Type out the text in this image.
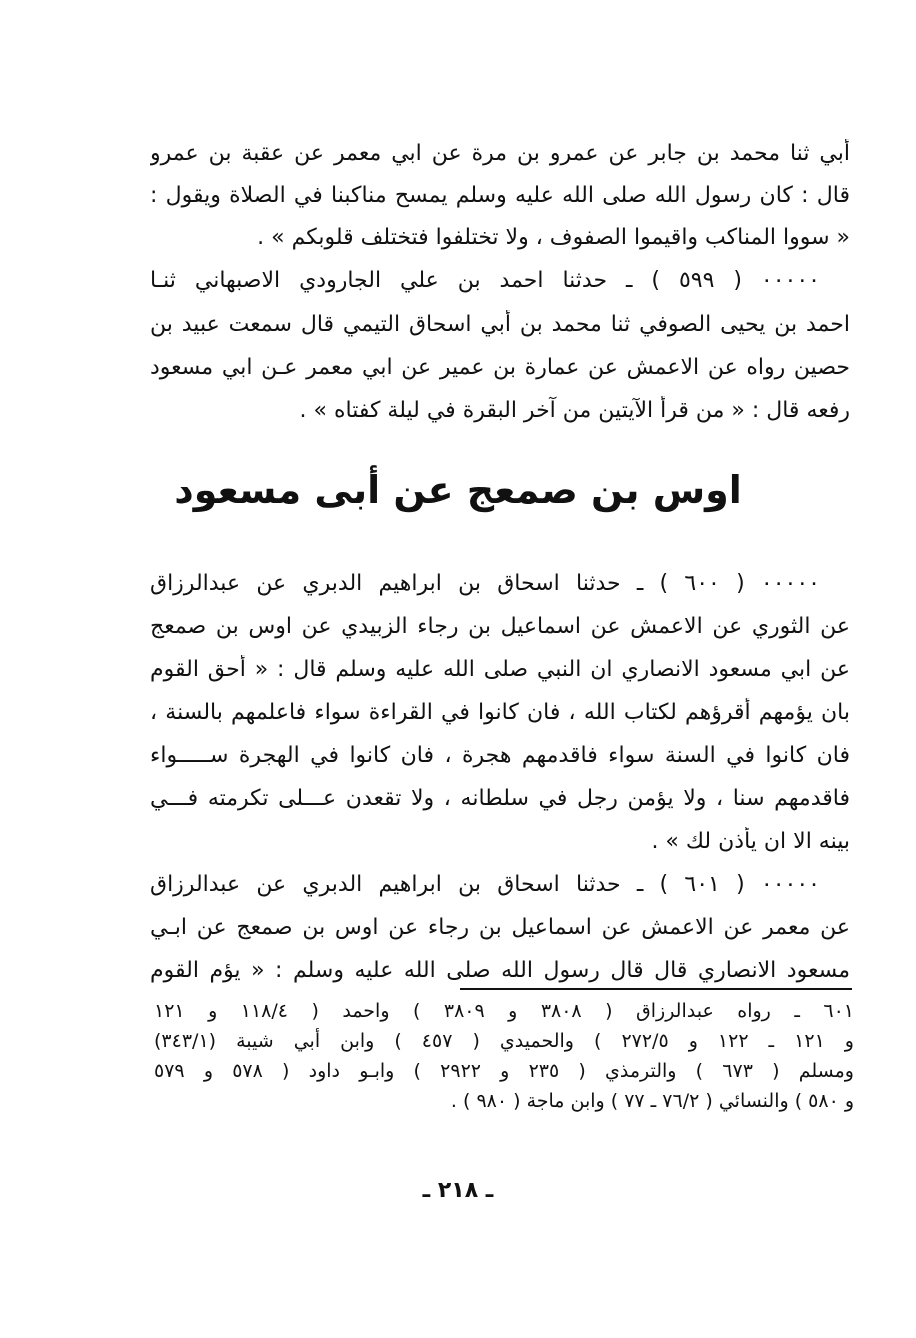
أبي ثنا محمد بن جابر عن عمرو بن مرة عن ابي معمر عن عقبة بن عمرو
قال : كان رسول الله صلى الله عليه وسلم يمسح مناكبنا في الصلاة ويقول :
« سووا المناكب واقيموا الصفوف ، ولا تختلفوا فتختلف قلوبكم » .
٠٠٠٠٠ ( ٥٩٩ ) ـ حدثنا احمد بن علي الجارودي الاصبهاني ثنـا
احمد بن يحيى الصوفي ثنا محمد بن أبي اسحاق التيمي قال سمعت عبيد بن
حصين رواه عن الاعمش عن عمارة بن عمير عن ابي معمر عـن ابي مسعود
رفعه قال : « من قرأ الآيتين من آخر البقرة في ليلة كفتاه » .
اوس بن صمعج عن أبى مسعود
٠٠٠٠٠ ( ٦٠٠ ) ـ حدثنا اسحاق بن ابراهيم الدبري عن عبدالرزاق
عن الثوري عن الاعمش عن اسماعيل بن رجاء الزبيدي عن اوس بن صمعج
عن ابي مسعود الانصاري ان النبي صلى الله عليه وسلم قال : « أحق القوم
بان يؤمهم أقرؤهم لكتاب الله ، فان كانوا في القراءة سواء فاعلمهم بالسنة ،
فان كانوا في السنة سواء فاقدمهم هجرة ، فان كانوا في الهجرة ســـــواء
فاقدمهم سنا ، ولا يؤمن رجل في سلطانه ، ولا تقعدن عـــلى تكرمته فـــي
بينه الا ان يأذن لك » .
٠٠٠٠٠ ( ٦٠١ ) ـ حدثنا اسحاق بن ابراهيم الدبري عن عبدالرزاق
عن معمر عن الاعمش عن اسماعيل بن رجاء عن اوس بن صمعج عن ابـي
مسعود الانصاري قال قال رسول الله صلى الله عليه وسلم : « يؤم القوم
٦٠١ ـ رواه عبدالرزاق ( ٣٨٠٨ و ٣٨٠٩ ) واحمد ( ١١٨/٤ و ١٢١
و ١٢١ ـ ١٢٢ و ٢٧٢/٥ ) والحميدي ( ٤٥٧ ) وابن أبي شيبة (٣٤٣/١)
ومسلم ( ٦٧٣ ) والترمذي ( ٢٣٥ و ٢٩٢٢ ) وابـو داود ( ٥٧٨ و ٥٧٩
و ٥٨٠ ) والنسائي ( ٧٦/٢ ـ ٧٧ ) وابن ماجة ( ٩٨٠ ) .
ـ ٢١٨ ـ
